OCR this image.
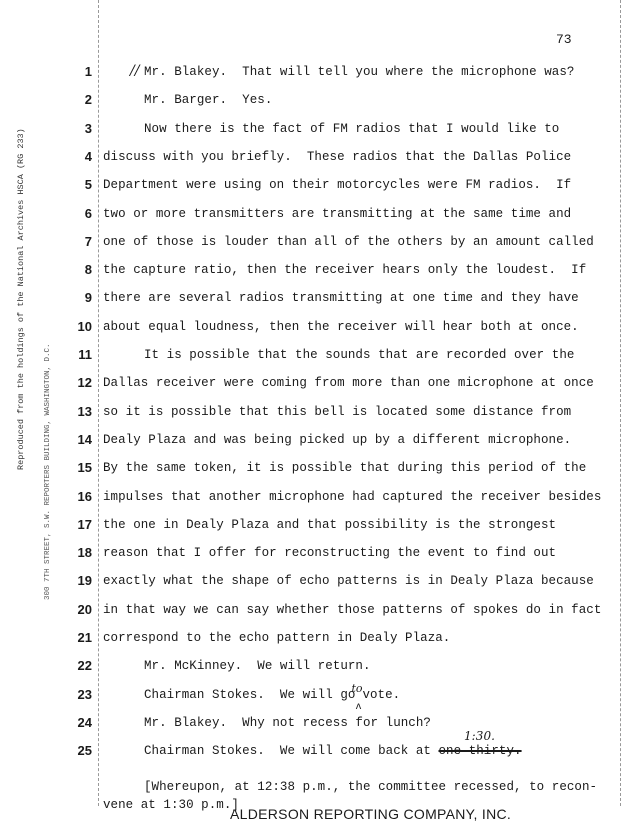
Reproduced from the holdings of the National Archives HSCA (RG 233)
300 7TH STREET, S.W. REPORTERS BUILDING, WASHINGTON, D.C.
73
1	// Mr. Blakey.  That will tell you where the microphone was?
2	Mr. Barger.  Yes.
3	Now there is the fact of FM radios that I would like to
4 discuss with you briefly.  These radios that the Dallas Police
5 Department were using on their motorcycles were FM radios.  If
6 two or more transmitters are transmitting at the same time and
7 one of those is louder than all of the others by an amount called
8 the capture ratio, then the receiver hears only the loudest.  If
9 there are several radios transmitting at one time and they have
10 about equal loudness, then the receiver will hear both at once.
11	It is possible that the sounds that are recorded over the
12 Dallas receiver were coming from more than one microphone at once
13 so it is possible that this bell is located some distance from
14 Dealy Plaza and was being picked up by a different microphone.
15 By the same token, it is possible that during this period of the
16 impulses that another microphone had captured the receiver besides
17 the one in Dealy Plaza and that possibility is the strongest
18 reason that I offer for reconstructing the event to find out
19 exactly what the shape of echo patterns is in Dealy Plaza because
20 in that way we can say whether those patterns of spokes do in fact
21 correspond to the echo pattern in Dealy Plaza.
22	Mr. McKinney.  We will return.
23	Chairman Stokes.  We will go
to
ʌ
vote.
24	Mr. Blakey.  Why not recess for lunch?
25	Chairman Stokes.  We will come back at one thirty.
1:30.
[Whereupon, at 12:38 p.m., the committee recessed, to recon-
vene at 1:30 p.m.]
ALDERSON REPORTING COMPANY, INC.
